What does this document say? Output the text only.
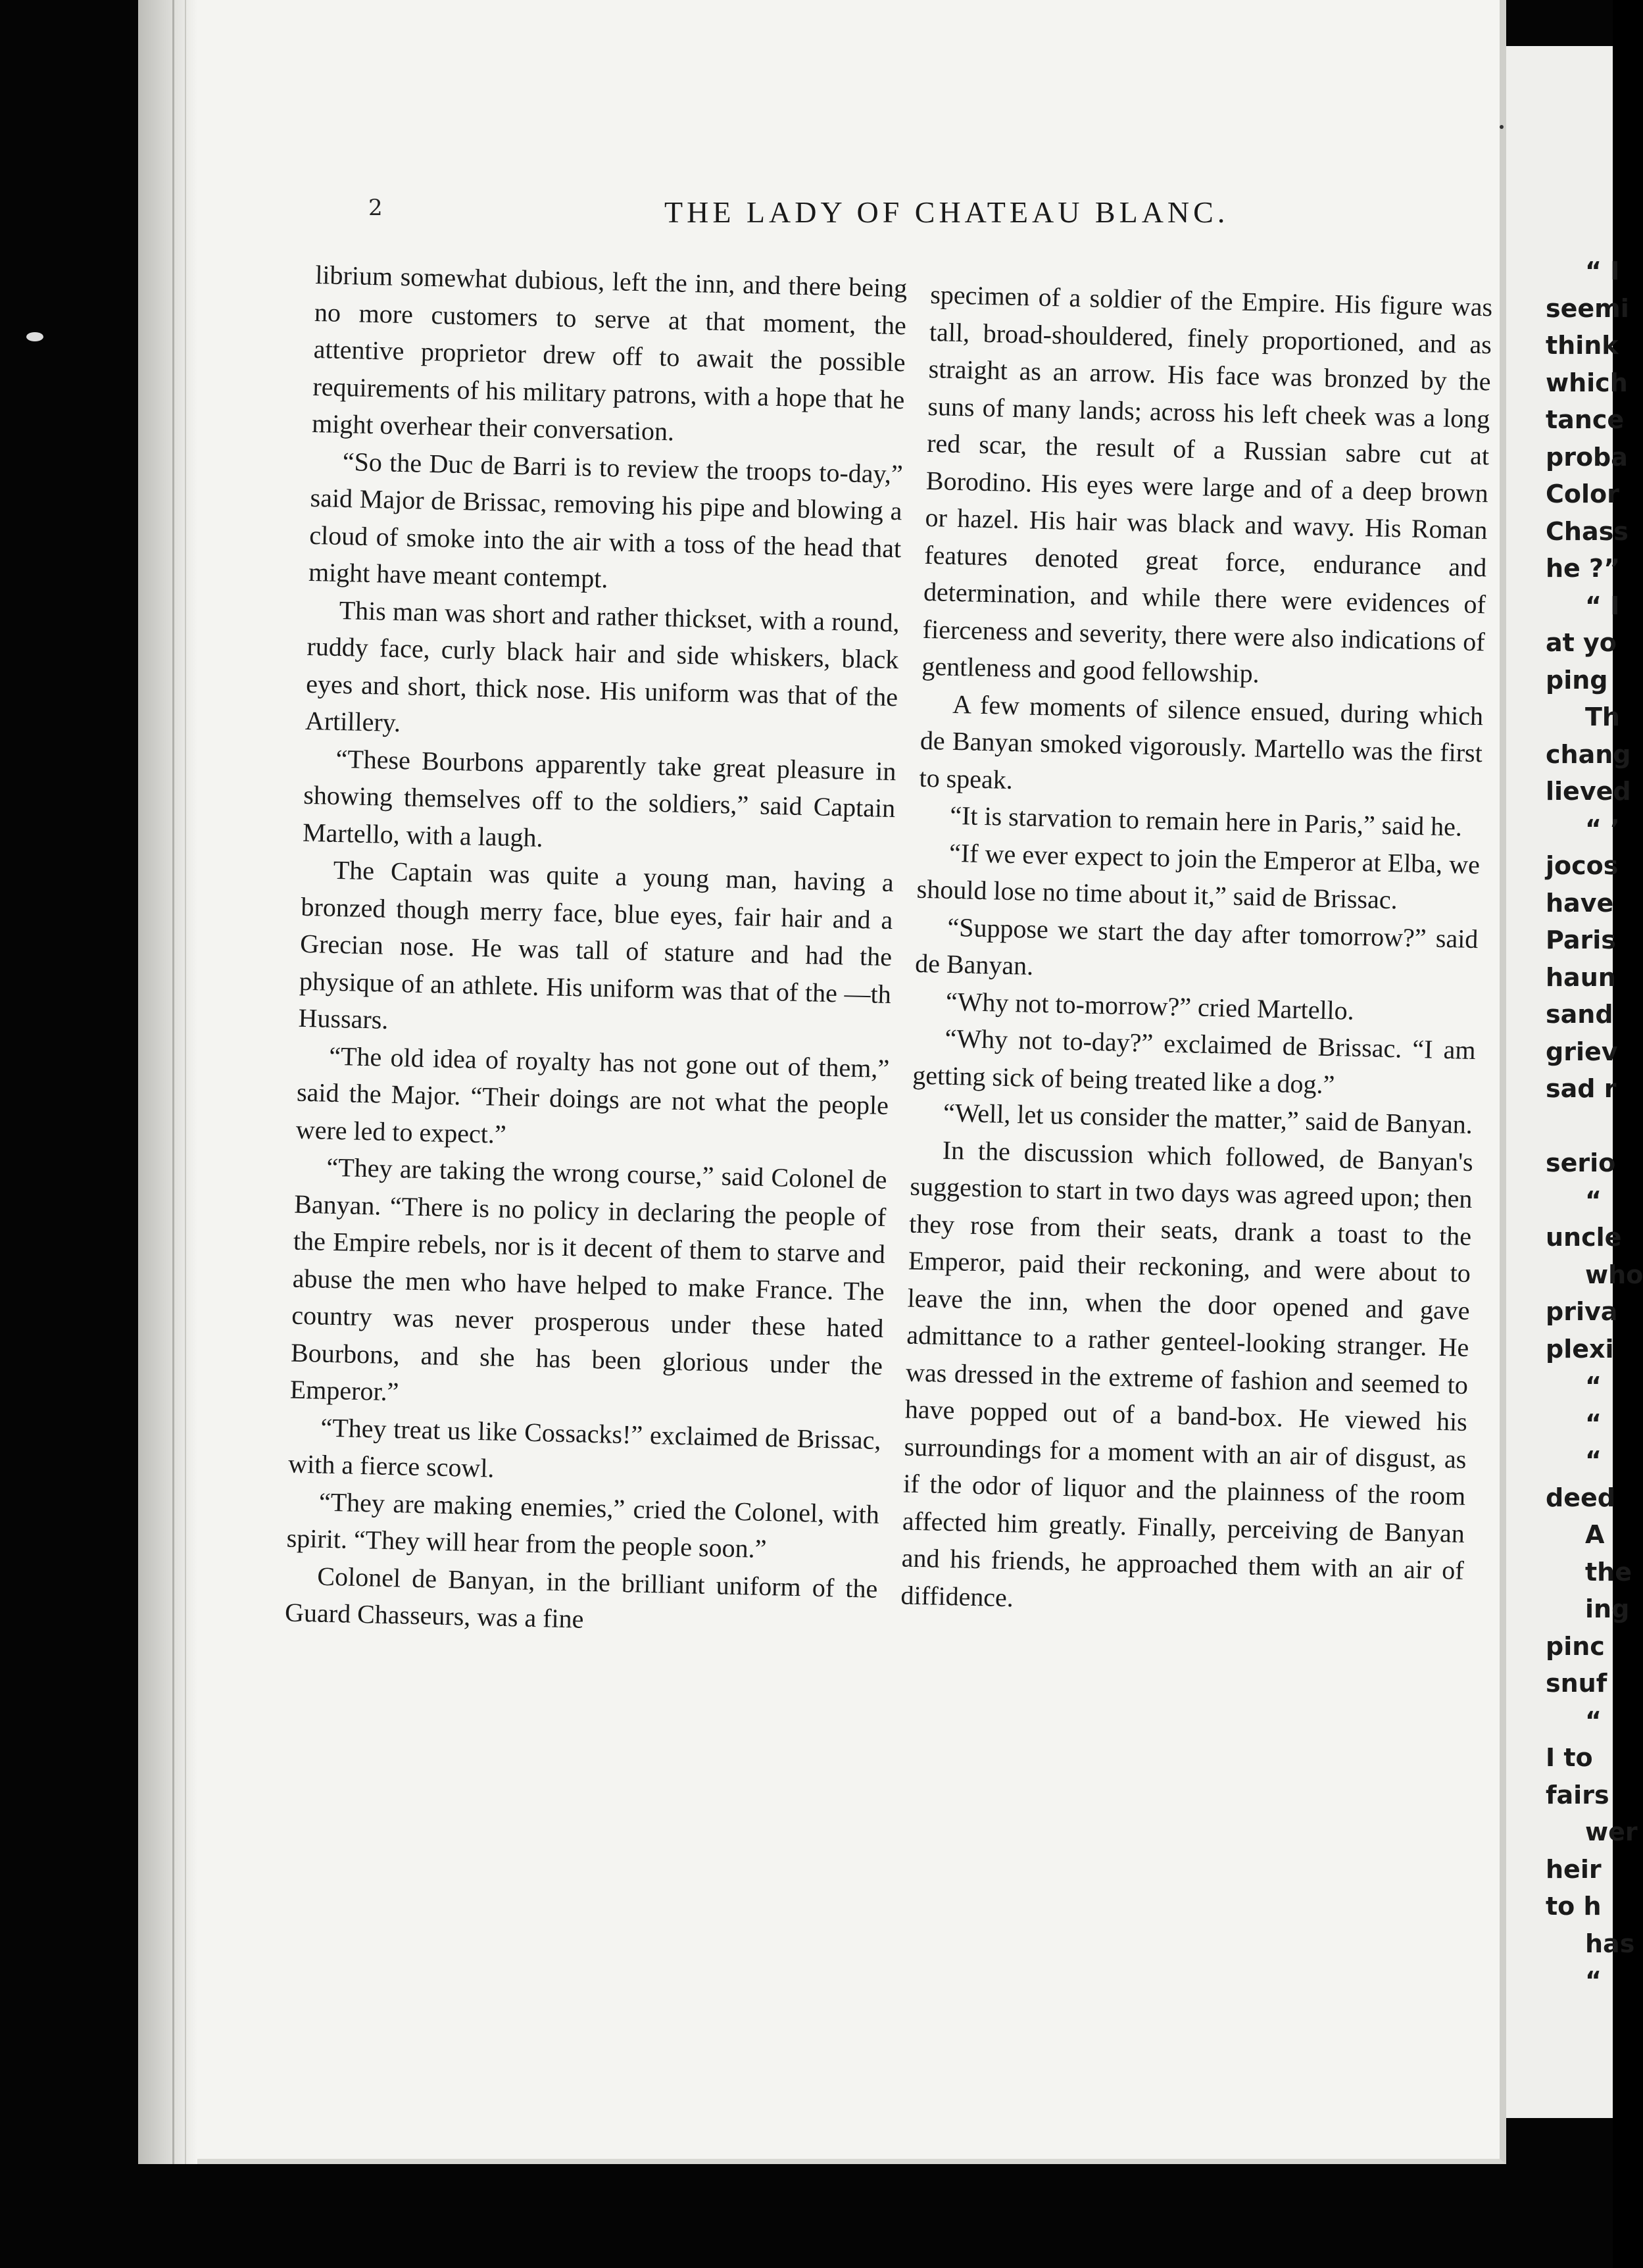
2	THE LADY OF CHATEAU BLANC.

librium somewhat dubious, left the inn, and there being no more customers to serve at that moment, the attentive proprietor drew off to await the possible requirements of his military patrons, with a hope that he might overhear their conversation.

“So the Duc de Barri is to review the troops to-day,” said Major de Brissac, removing his pipe and blowing a cloud of smoke into the air with a toss of the head that might have meant contempt.

This man was short and rather thickset, with a round, ruddy face, curly black hair and side whiskers, black eyes and short, thick nose. His uniform was that of the Artillery.

“These Bourbons apparently take great pleasure in showing themselves off to the soldiers,” said Captain Martello, with a laugh.

The Captain was quite a young man, having a bronzed though merry face, blue eyes, fair hair and a Grecian nose. He was tall of stature and had the physique of an athlete. His uniform was that of the —th Hussars.

“The old idea of royalty has not gone out of them,” said the Major. “Their doings are not what the people were led to expect.”

“They are taking the wrong course,” said Colonel de Banyan. “There is no policy in declaring the people of the Empire rebels, nor is it decent of them to starve and abuse the men who have helped to make France. The country was never prosperous under these hated Bourbons, and she has been glorious under the Emperor.”

“They treat us like Cossacks!” exclaimed de Brissac, with a fierce scowl.

“They are making enemies,” cried the Colonel, with spirit. “They will hear from the people soon.”

Colonel de Banyan, in the brilliant uniform of the Guard Chasseurs, was a fine

specimen of a soldier of the Empire. His figure was tall, broad-shouldered, finely proportioned, and as straight as an arrow. His face was bronzed by the suns of many lands; across his left cheek was a long red scar, the result of a Russian sabre cut at Borodino. His eyes were large and of a deep brown or hazel. His hair was black and wavy. His Roman features denoted great force, endurance and determination, and while there were evidences of fierceness and severity, there were also indications of gentleness and good fellowship.

A few moments of silence ensued, during which de Banyan smoked vigorously. Martello was the first to speak.

“It is starvation to remain here in Paris,” said he.

“If we ever expect to join the Emperor at Elba, we should lose no time about it,” said de Brissac.

“Suppose we start the day after tomorrow?” said de Banyan.

“Why not to-morrow?” cried Martello.

“Why not to-day?” exclaimed de Brissac. “I am getting sick of being treated like a dog.”

“Well, let us consider the matter,” said de Banyan.

In the discussion which followed, de Banyan's suggestion to start in two days was agreed upon; then they rose from their seats, drank a toast to the Emperor, paid their reckoning, and were about to leave the inn, when the door opened and gave admittance to a rather genteel-looking stranger. He was dressed in the extreme of fashion and seemed to have popped out of a band-box. He viewed his surroundings for a moment with an air of disgust, as if the odor of liquor and the plainness of the room affected him greatly. Finally, perceiving de Banyan and his friends, he approached them with an air of diffidence.

“ I
seemi
think
which
tance
proba
Color
Chass
he ?”
“ I
at yo
ping
Th
chang
lieved
“ ’
jocos
have
Paris
haun
sand
griev
sad r
serio
“
uncle
who
priva
plexi
“
“
“
deed
A
the
ing
pinc
snuf
“
I to
fairs
wer
heir
to h
has
“
